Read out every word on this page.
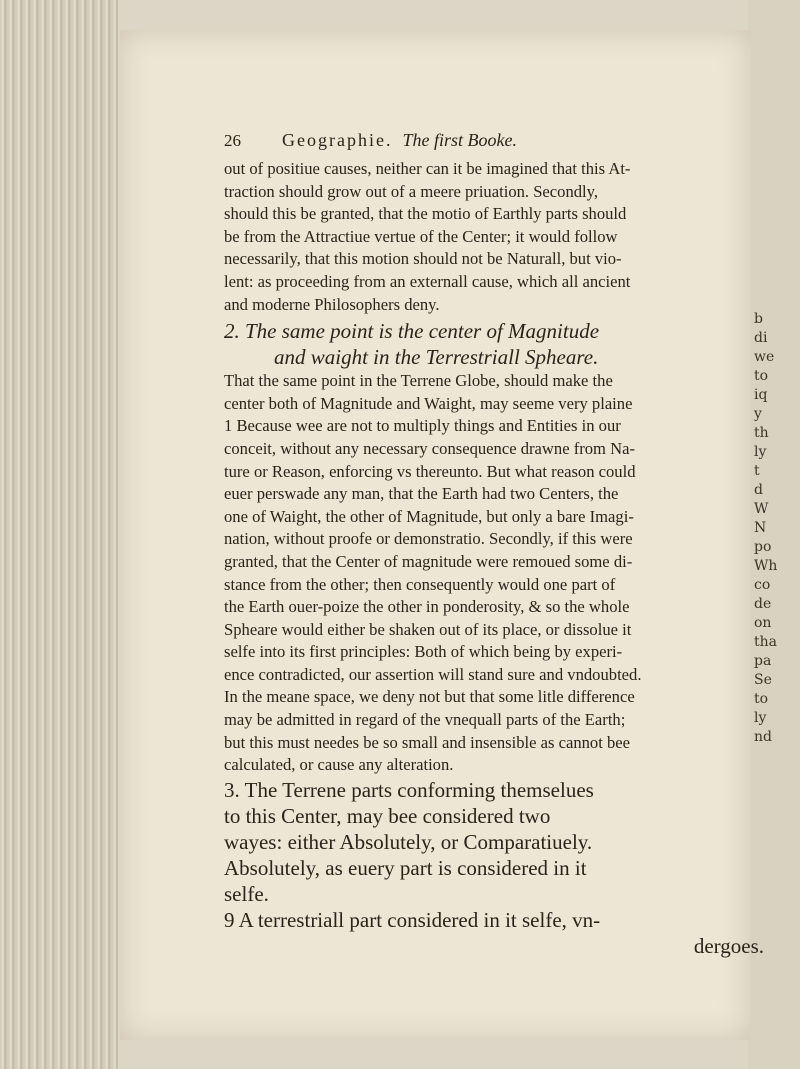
b
di
we
to
iq
y
th
ly
t
d
W
N
po
Wh
co
de
on
tha
pa
Se
to
ly
nd
26	Geographie. The first Booke.
out of positiue causes, neither can it be imagined that this At-
traction should grow out of a meere priuation. Secondly,
should this be granted, that the motio of Earthly parts should
be from the Attractiue vertue of the Center; it would follow
necessarily, that this motion should not be Naturall, but vio-
lent: as proceeding from an externall cause, which all ancient
and moderne Philosophers deny.
2. The same point is the center of Magnitude
and waight in the Terrestriall Spheare.
That the same point in the Terrene Globe, should make the
center both of Magnitude and Waight, may seeme very plaine
1 Because wee are not to multiply things and Entities in our
conceit, without any necessary consequence drawne from Na-
ture or Reason, enforcing vs thereunto. But what reason could
euer perswade any man, that the Earth had two Centers, the
one of Waight, the other of Magnitude, but only a bare Imagi-
nation, without proofe or demonstratio. Secondly, if this were
granted, that the Center of magnitude were remoued some di-
stance from the other; then consequently would one part of
the Earth ouer-poize the other in ponderosity, & so the whole
Spheare would either be shaken out of its place, or dissolue it
selfe into its first principles: Both of which being by experi-
ence contradicted, our assertion will stand sure and vndoubted.
In the meane space, we deny not but that some litle difference
may be admitted in regard of the vnequall parts of the Earth;
but this must needes be so small and insensible as cannot bee
calculated, or cause any alteration.
3. The Terrene parts conforming themselues
to this Center, may bee considered two
wayes: either Absolutely, or Comparatiuely.
Absolutely, as euery part is considered in it
selfe.
9 A terrestriall part considered in it selfe, vn-
dergoes.
